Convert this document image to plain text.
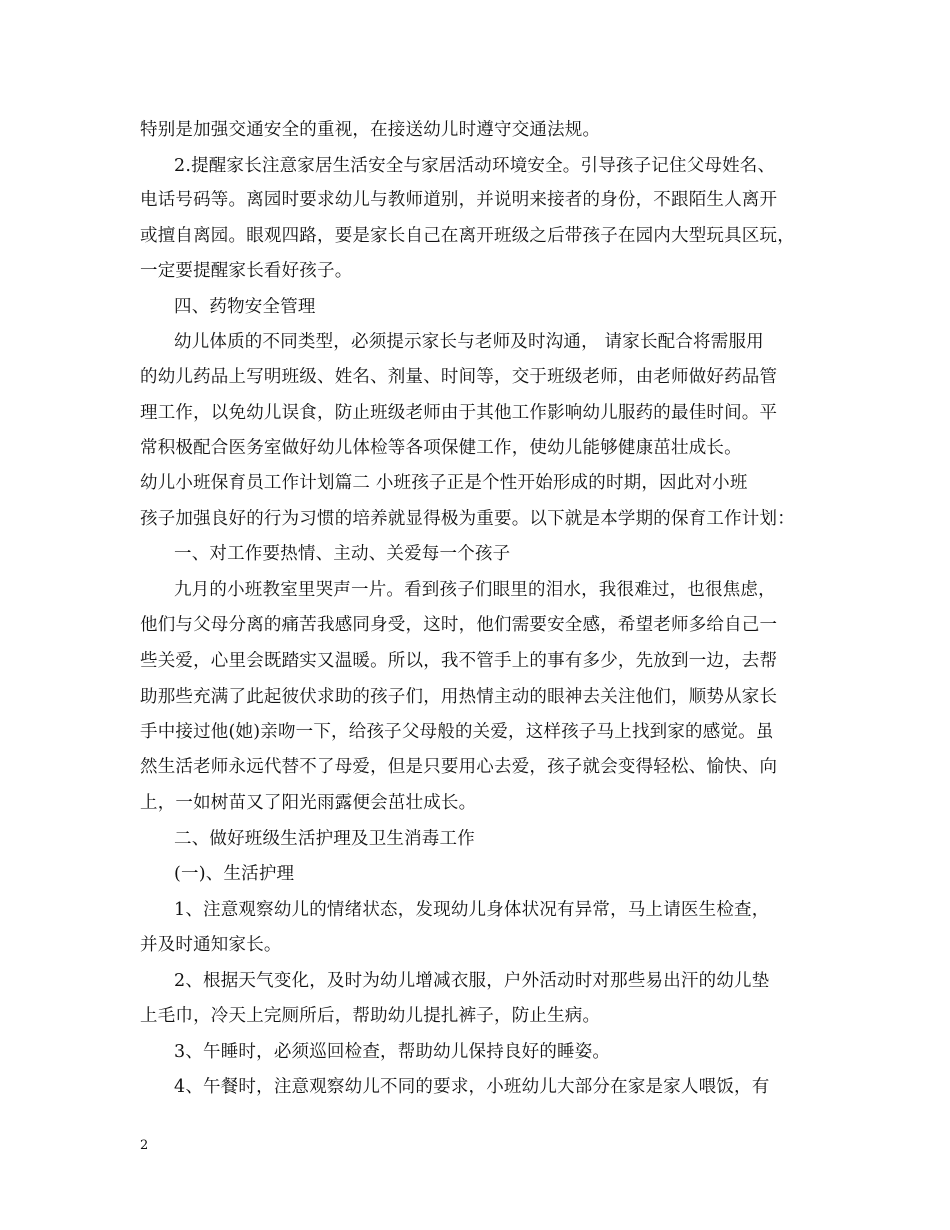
特别是加强交通安全的重视，在接送幼儿时遵守交通法规。
2.提醒家长注意家居生活安全与家居活动环境安全。引导孩子记住父母姓名、
电话号码等。离园时要求幼儿与教师道别，并说明来接者的身份，不跟陌生人离开
或擅自离园。眼观四路，要是家长自己在离开班级之后带孩子在园内大型玩具区玩，
一定要提醒家长看好孩子。
四、药物安全管理
幼儿体质的不同类型，必须提示家长与老师及时沟通， 请家长配合将需服用
的幼儿药品上写明班级、姓名、剂量、时间等，交于班级老师，由老师做好药品管
理工作，以免幼儿误食，防止班级老师由于其他工作影响幼儿服药的最佳时间。平
常积极配合医务室做好幼儿体检等各项保健工作，使幼儿能够健康茁壮成长。
幼儿小班保育员工作计划篇二 小班孩子正是个性开始形成的时期，因此对小班
孩子加强良好的行为习惯的培养就显得极为重要。以下就是本学期的保育工作计划：
一、对工作要热情、主动、关爱每一个孩子
九月的小班教室里哭声一片。看到孩子们眼里的泪水，我很难过，也很焦虑，
他们与父母分离的痛苦我感同身受，这时，他们需要安全感，希望老师多给自己一
些关爱，心里会既踏实又温暖。所以，我不管手上的事有多少，先放到一边，去帮
助那些充满了此起彼伏求助的孩子们，用热情主动的眼神去关注他们，顺势从家长
手中接过他(她)亲吻一下，给孩子父母般的关爱，这样孩子马上找到家的感觉。虽
然生活老师永远代替不了母爱，但是只要用心去爱，孩子就会变得轻松、愉快、向
上，一如树苗又了阳光雨露便会茁壮成长。
二、做好班级生活护理及卫生消毒工作
(一)、生活护理
1、注意观察幼儿的情绪状态，发现幼儿身体状况有异常，马上请医生检查，
并及时通知家长。
2、根据天气变化，及时为幼儿增减衣服，户外活动时对那些易出汗的幼儿垫
上毛巾，冷天上完厕所后，帮助幼儿提扎裤子，防止生病。
3、午睡时，必须巡回检查，帮助幼儿保持良好的睡姿。
4、午餐时，注意观察幼儿不同的要求，小班幼儿大部分在家是家人喂饭，有
2
